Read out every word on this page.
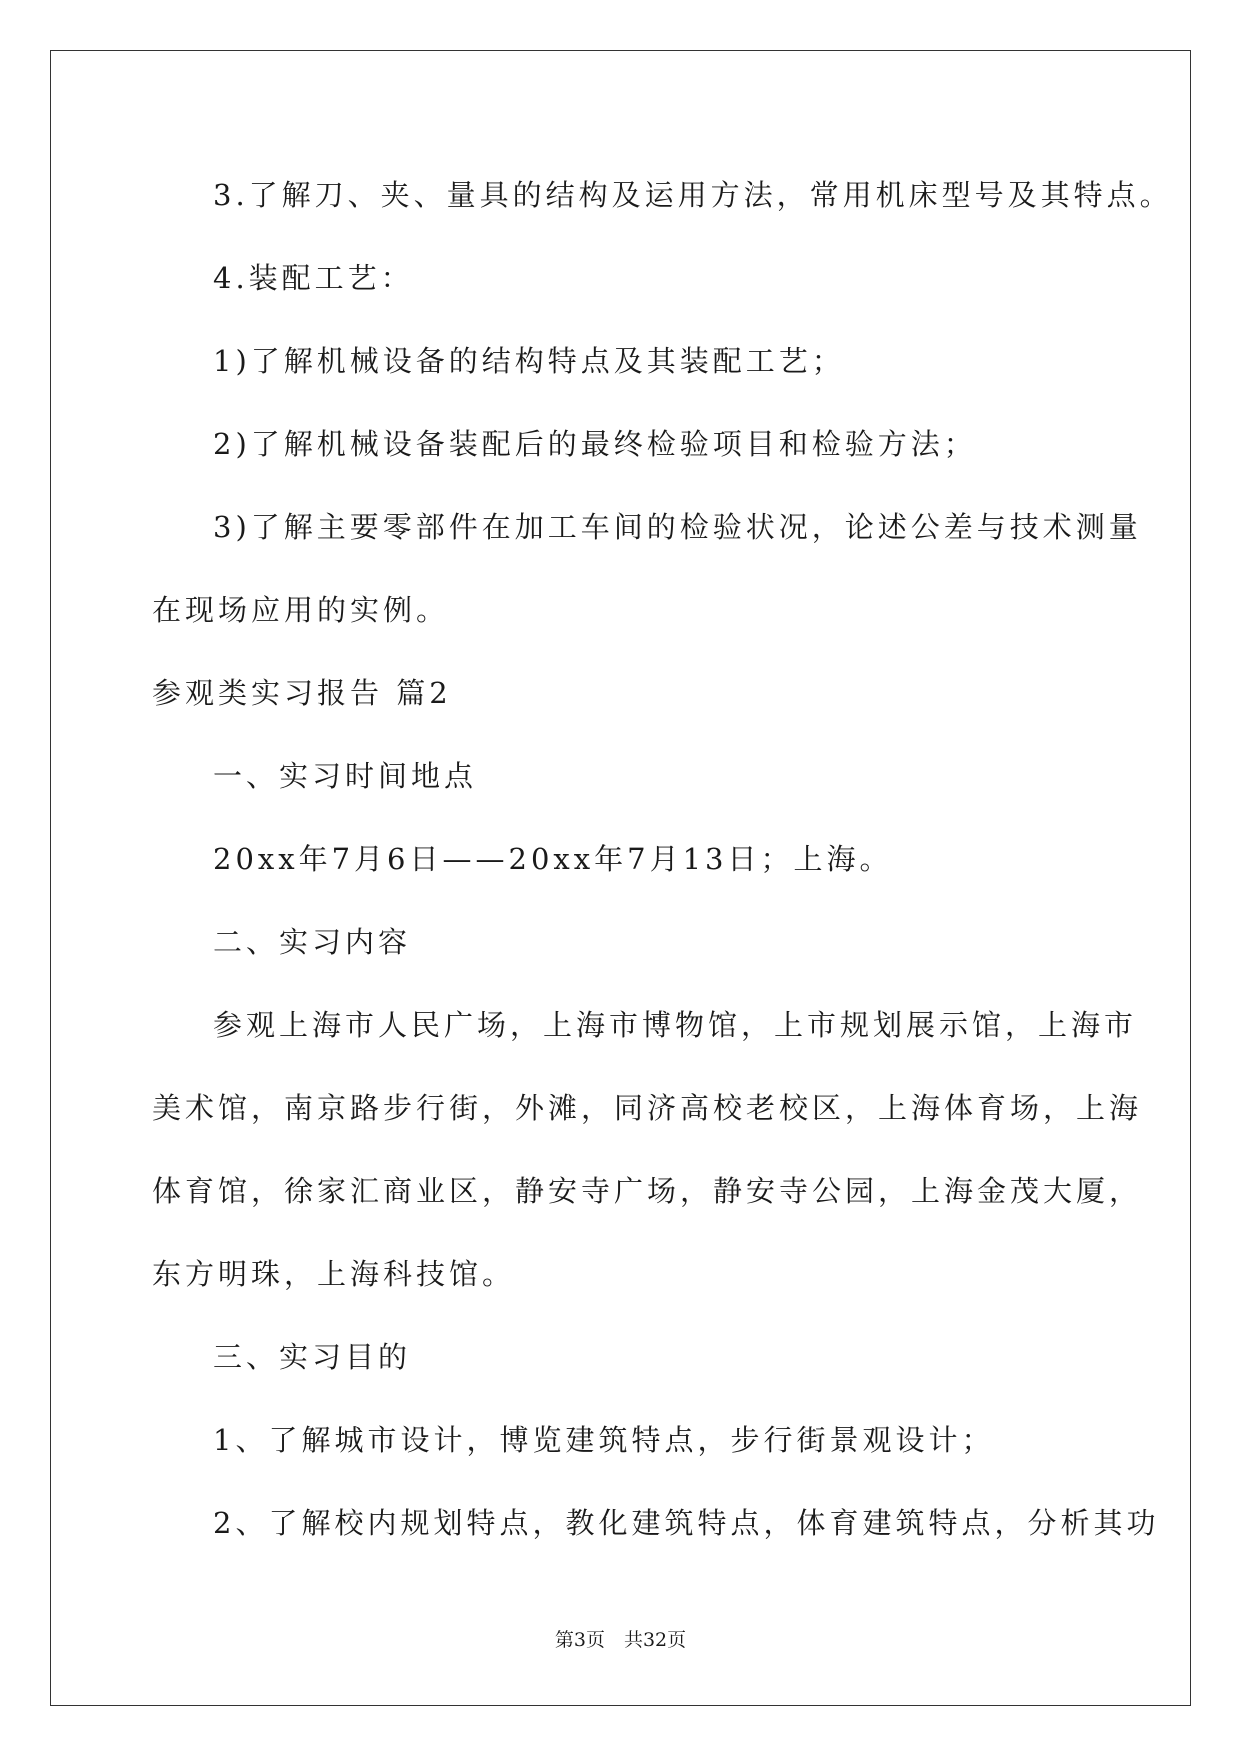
3.了解刀、夹、量具的结构及运用方法，常用机床型号及其特点。
4.装配工艺：
1)了解机械设备的结构特点及其装配工艺；
2)了解机械设备装配后的最终检验项目和检验方法；
3)了解主要零部件在加工车间的检验状况，论述公差与技术测量
在现场应用的实例。
参观类实习报告 篇2
一、实习时间地点
20xx年7月6日——20xx年7月13日；上海。
二、实习内容
参观上海市人民广场，上海市博物馆，上市规划展示馆，上海市
美术馆，南京路步行街，外滩，同济高校老校区，上海体育场，上海
体育馆，徐家汇商业区，静安寺广场，静安寺公园，上海金茂大厦，
东方明珠，上海科技馆。
三、实习目的
1、了解城市设计，博览建筑特点，步行街景观设计；
2、了解校内规划特点，教化建筑特点，体育建筑特点，分析其功
第3页　共32页
